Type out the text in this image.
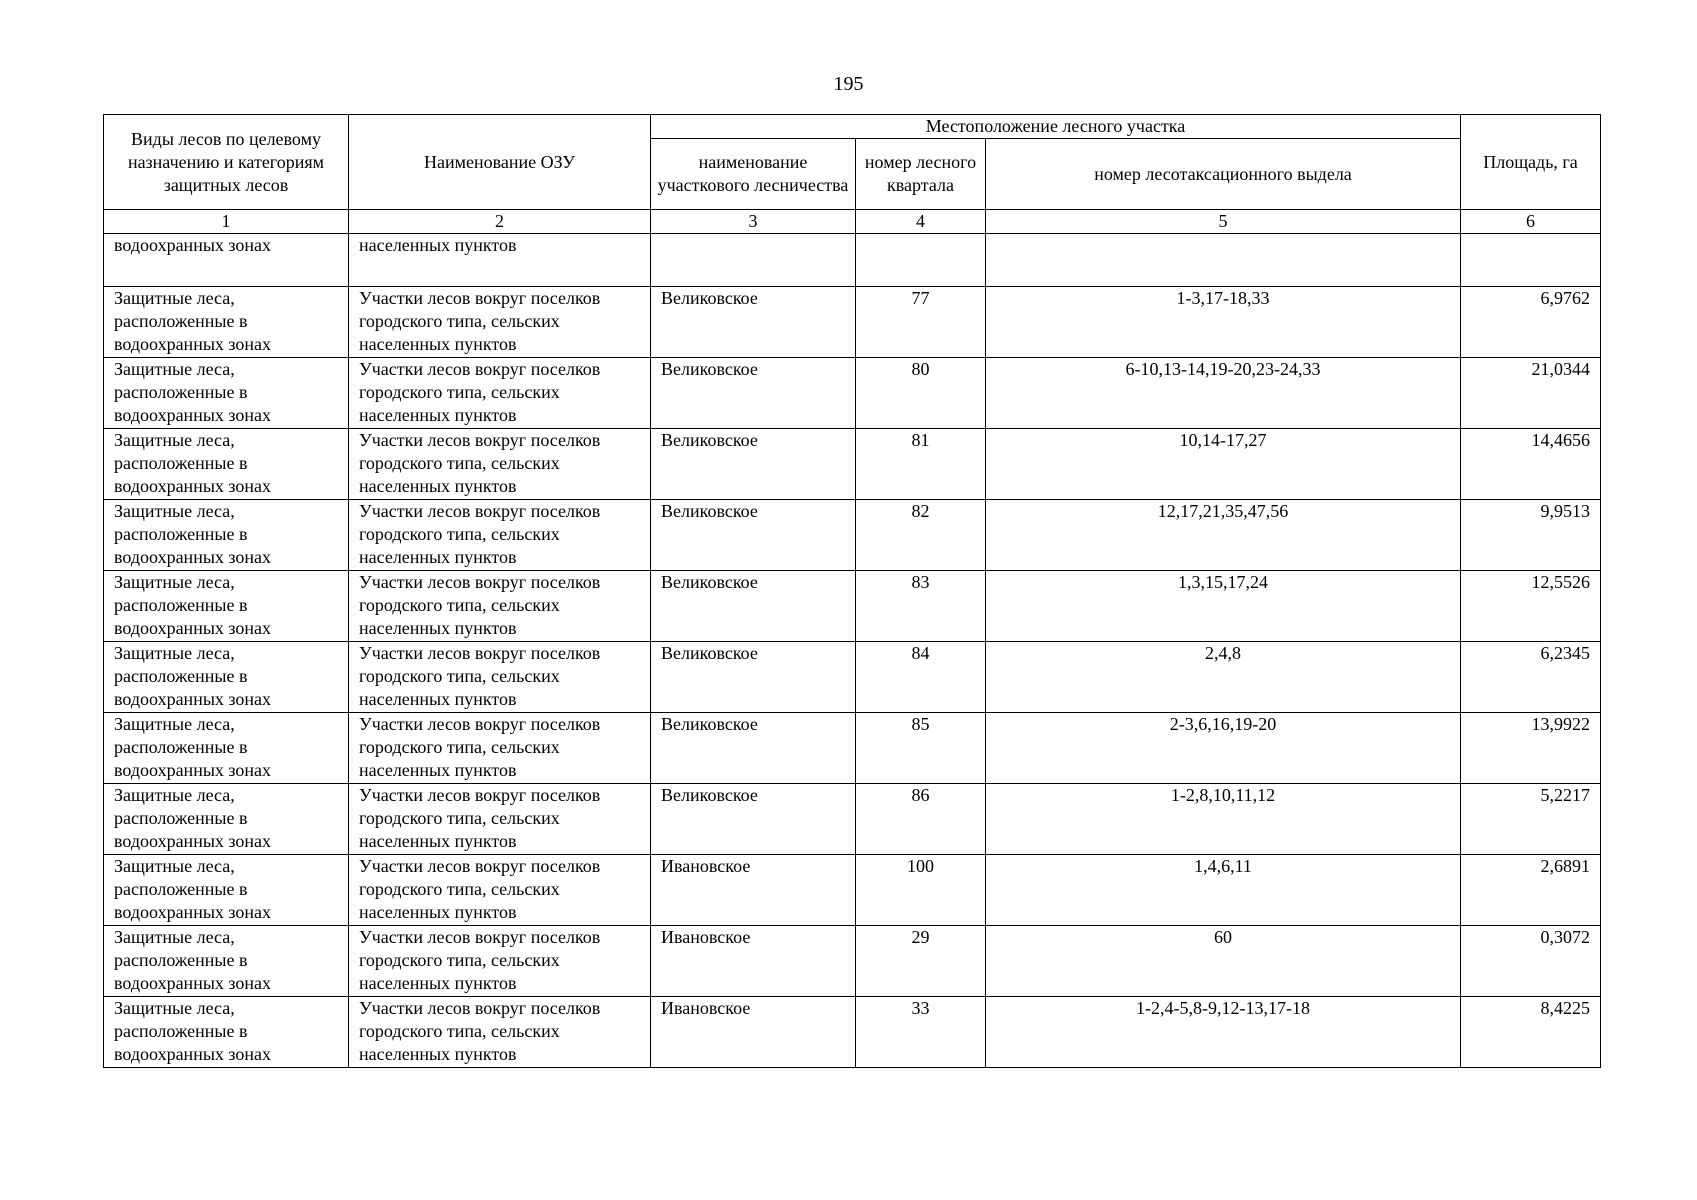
195
Виды лесов по целевому назначению и категориям защитных лесов	Наименование ОЗУ	Местоположение лесного участка			Площадь, га
		наименование участкового лесничества	номер лесного квартала	номер лесотаксационного выдела	
1	2	3	4	5	6
водоохранных зонах	населенных пунктов				
Защитные леса, расположенные в водоохранных зонах	Участки лесов вокруг поселков городского типа, сельских населенных пунктов	Великовское	77	1-3,17-18,33	6,9762
Защитные леса, расположенные в водоохранных зонах	Участки лесов вокруг поселков городского типа, сельских населенных пунктов	Великовское	80	6-10,13-14,19-20,23-24,33	21,0344
Защитные леса, расположенные в водоохранных зонах	Участки лесов вокруг поселков городского типа, сельских населенных пунктов	Великовское	81	10,14-17,27	14,4656
Защитные леса, расположенные в водоохранных зонах	Участки лесов вокруг поселков городского типа, сельских населенных пунктов	Великовское	82	12,17,21,35,47,56	9,9513
Защитные леса, расположенные в водоохранных зонах	Участки лесов вокруг поселков городского типа, сельских населенных пунктов	Великовское	83	1,3,15,17,24	12,5526
Защитные леса, расположенные в водоохранных зонах	Участки лесов вокруг поселков городского типа, сельских населенных пунктов	Великовское	84	2,4,8	6,2345
Защитные леса, расположенные в водоохранных зонах	Участки лесов вокруг поселков городского типа, сельских населенных пунктов	Великовское	85	2-3,6,16,19-20	13,9922
Защитные леса, расположенные в водоохранных зонах	Участки лесов вокруг поселков городского типа, сельских населенных пунктов	Великовское	86	1-2,8,10,11,12	5,2217
Защитные леса, расположенные в водоохранных зонах	Участки лесов вокруг поселков городского типа, сельских населенных пунктов	Ивановское	100	1,4,6,11	2,6891
Защитные леса, расположенные в водоохранных зонах	Участки лесов вокруг поселков городского типа, сельских населенных пунктов	Ивановское	29	60	0,3072
Защитные леса, расположенные в водоохранных зонах	Участки лесов вокруг поселков городского типа, сельских населенных пунктов	Ивановское	33	1-2,4-5,8-9,12-13,17-18	8,4225
